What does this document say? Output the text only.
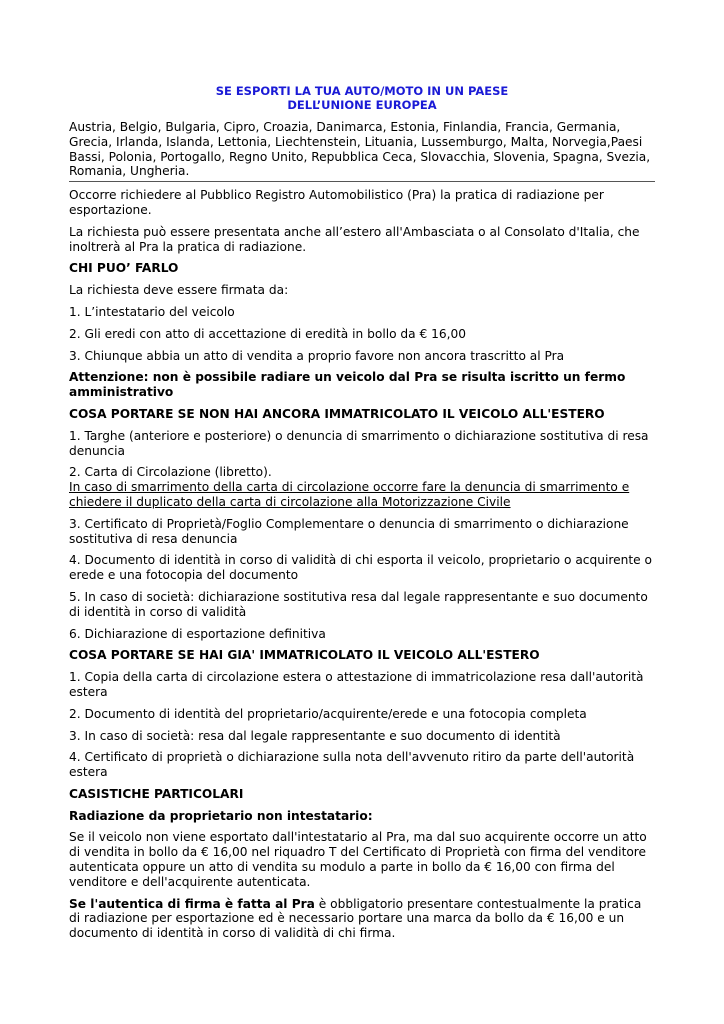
SE ESPORTI LA TUA AUTO/MOTO IN UN PAESE
DELL’UNIONE EUROPEA

Austria, Belgio, Bulgaria, Cipro, Croazia, Danimarca, Estonia, Finlandia, Francia, Germania, Grecia, Irlanda, Islanda, Lettonia, Liechtenstein, Lituania, Lussemburgo, Malta, Norvegia,Paesi Bassi, Polonia, Portogallo, Regno Unito, Repubblica Ceca, Slovacchia, Slovenia, Spagna, Svezia, Romania, Ungheria.

Occorre richiedere al Pubblico Registro Automobilistico (Pra) la pratica di radiazione per esportazione.

La richiesta può essere presentata anche all’estero all'Ambasciata o al Consolato d'Italia, che inoltrerà al Pra la pratica di radiazione.

CHI PUO’ FARLO

La richiesta deve essere firmata da:

1. L’intestatario del veicolo

2. Gli eredi con atto di accettazione di eredità in bollo da € 16,00

3. Chiunque abbia un atto di vendita a proprio favore non ancora trascritto al Pra

Attenzione: non è possibile radiare un veicolo dal Pra se risulta iscritto un fermo amministrativo

COSA PORTARE SE NON HAI ANCORA IMMATRICOLATO IL VEICOLO ALL'ESTERO

1. Targhe (anteriore e posteriore) o denuncia di smarrimento o dichiarazione sostitutiva di resa denuncia

2. Carta di Circolazione (libretto).

In caso di smarrimento della carta di circolazione occorre fare la denuncia di smarrimento e chiedere il duplicato della carta di circolazione alla Motorizzazione Civile

3. Certificato di Proprietà/Foglio Complementare o denuncia di smarrimento o dichiarazione sostitutiva di resa denuncia

4. Documento di identità in corso di validità di chi esporta il veicolo, proprietario o acquirente o erede e una fotocopia del documento

5. In caso di società: dichiarazione sostitutiva resa dal legale rappresentante e suo documento di identità in corso di validità

6. Dichiarazione di esportazione definitiva

COSA PORTARE SE HAI GIA' IMMATRICOLATO IL VEICOLO ALL'ESTERO

1. Copia della carta di circolazione estera o attestazione di immatricolazione resa dall'autorità estera

2. Documento di identità del proprietario/acquirente/erede e una fotocopia completa

3. In caso di società: resa dal legale rappresentante e suo documento di identità

4. Certificato di proprietà o dichiarazione sulla nota dell'avvenuto ritiro da parte dell'autorità estera

CASISTICHE PARTICOLARI

Radiazione da proprietario non intestatario:

Se il veicolo non viene esportato dall'intestatario al Pra, ma dal suo acquirente occorre un atto di vendita in bollo da € 16,00 nel riquadro T del Certificato di Proprietà con firma del venditore autenticata oppure un atto di vendita su modulo a parte in bollo da € 16,00 con firma del venditore e dell'acquirente autenticata.

Se l'autentica di firma è fatta al Pra è obbligatorio presentare contestualmente la pratica di radiazione per esportazione ed è necessario portare una marca da bollo da € 16,00 e un documento di identità in corso di validità di chi firma.
